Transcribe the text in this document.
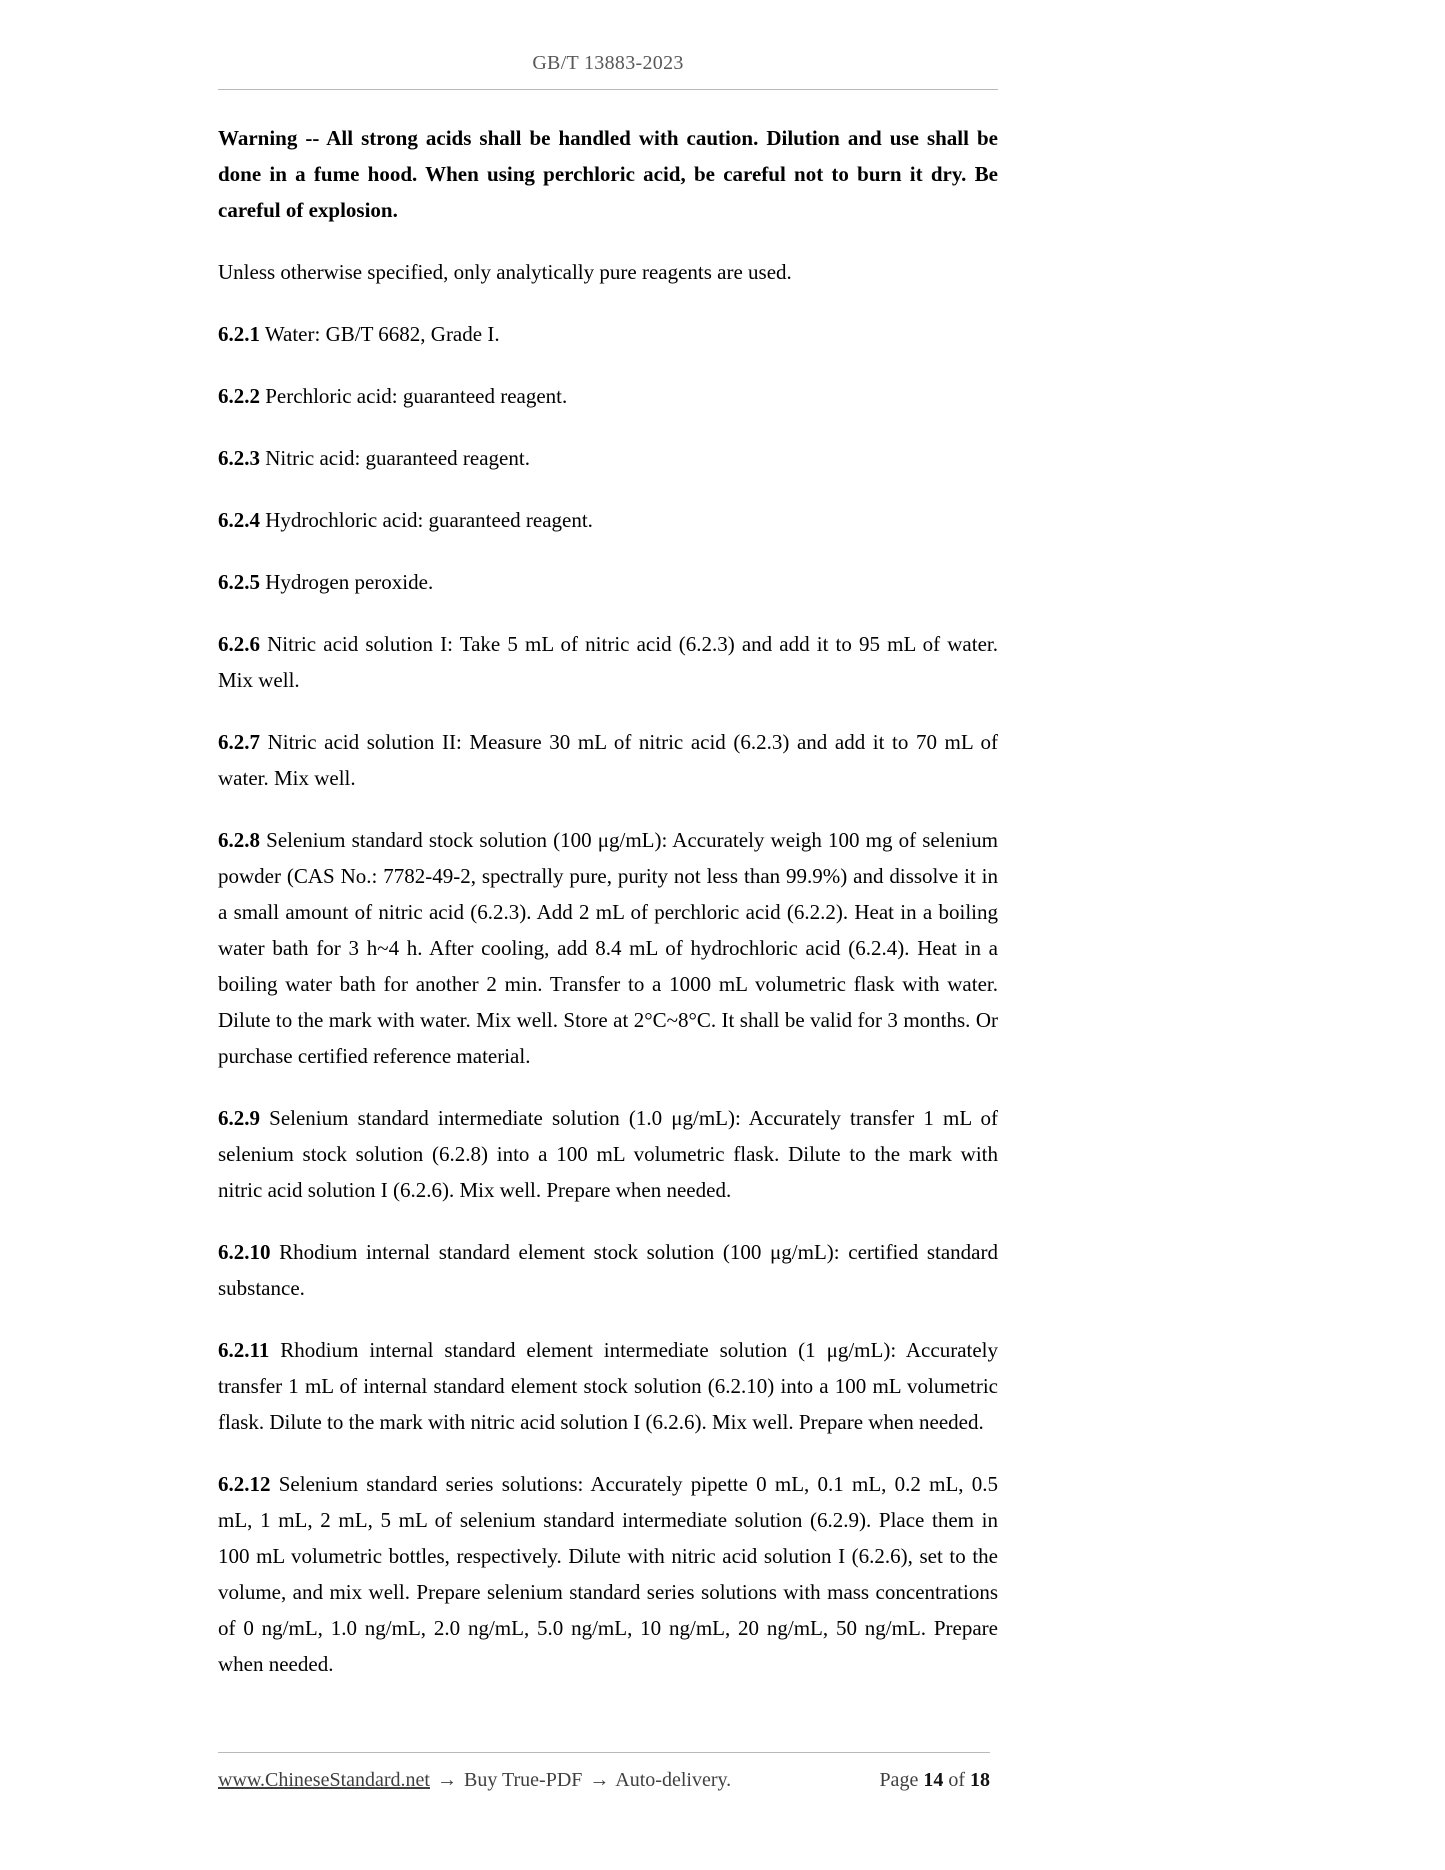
GB/T 13883-2023

Warning -- All strong acids shall be handled with caution. Dilution and use shall be done in a fume hood. When using perchloric acid, be careful not to burn it dry. Be careful of explosion.

Unless otherwise specified, only analytically pure reagents are used.

6.2.1 Water: GB/T 6682, Grade I.

6.2.2 Perchloric acid: guaranteed reagent.

6.2.3 Nitric acid: guaranteed reagent.

6.2.4 Hydrochloric acid: guaranteed reagent.

6.2.5 Hydrogen peroxide.

6.2.6 Nitric acid solution I: Take 5 mL of nitric acid (6.2.3) and add it to 95 mL of water. Mix well.

6.2.7 Nitric acid solution II: Measure 30 mL of nitric acid (6.2.3) and add it to 70 mL of water. Mix well.

6.2.8 Selenium standard stock solution (100 μg/mL): Accurately weigh 100 mg of selenium powder (CAS No.: 7782-49-2, spectrally pure, purity not less than 99.9%) and dissolve it in a small amount of nitric acid (6.2.3). Add 2 mL of perchloric acid (6.2.2). Heat in a boiling water bath for 3 h~4 h. After cooling, add 8.4 mL of hydrochloric acid (6.2.4). Heat in a boiling water bath for another 2 min. Transfer to a 1000 mL volumetric flask with water. Dilute to the mark with water. Mix well. Store at 2°C~8°C. It shall be valid for 3 months. Or purchase certified reference material.

6.2.9 Selenium standard intermediate solution (1.0 μg/mL): Accurately transfer 1 mL of selenium stock solution (6.2.8) into a 100 mL volumetric flask. Dilute to the mark with nitric acid solution I (6.2.6). Mix well. Prepare when needed.

6.2.10 Rhodium internal standard element stock solution (100 μg/mL): certified standard substance.

6.2.11 Rhodium internal standard element intermediate solution (1 μg/mL): Accurately transfer 1 mL of internal standard element stock solution (6.2.10) into a 100 mL volumetric flask. Dilute to the mark with nitric acid solution I (6.2.6). Mix well. Prepare when needed.

6.2.12 Selenium standard series solutions: Accurately pipette 0 mL, 0.1 mL, 0.2 mL, 0.5 mL, 1 mL, 2 mL, 5 mL of selenium standard intermediate solution (6.2.9). Place them in 100 mL volumetric bottles, respectively. Dilute with nitric acid solution I (6.2.6), set to the volume, and mix well. Prepare selenium standard series solutions with mass concentrations of 0 ng/mL, 1.0 ng/mL, 2.0 ng/mL, 5.0 ng/mL, 10 ng/mL, 20 ng/mL, 50 ng/mL. Prepare when needed.

www.ChineseStandard.net → Buy True-PDF → Auto-delivery.	Page 14 of 18
